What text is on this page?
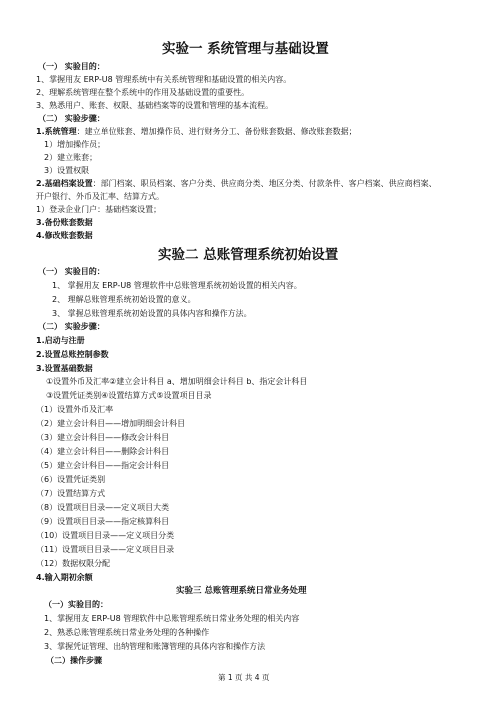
实验一 系统管理与基础设置
（一） 实验目的：
1、掌握用友 ERP-U8 管理系统中有关系统管理和基础设置的相关内容。
2、理解系统管理在整个系统中的作用及基础设置的重要性。
3、熟悉用户、账套、权限、基础档案等的设置和管理的基本流程。
（二） 实验步骤：
1.系统管理：建立单位账套、增加操作员、进行财务分工、备份账套数据、修改账套数据；
1）增加操作员；
2）建立账套；
3）设置权限
2.基础档案设置：部门档案、职员档案、客户分类、供应商分类、地区分类、付款条件、客户档案、供应商档案、
开户银行、外币及汇率、结算方式。
1）登录企业门户：基础档案设置；
3.备份账套数据
4.修改账套数据
实验二 总账管理系统初始设置
（一） 实验目的：
1、 掌握用友 ERP-U8 管理软件中总账管理系统初始设置的相关内容。
2、 理解总账管理系统初始设置的意义。
3、 掌握总账管理系统初始设置的具体内容和操作方法。
（二） 实验步骤：
1.启动与注册
2.设置总账控制参数
3.设置基础数据
①设置外币及汇率②建立会计科目 a、增加明细会计科目 b、指定会计科目
③设置凭证类别④设置结算方式⑤设置项目目录
（1）设置外币及汇率
（2）建立会计科目——增加明细会计科目
（3）建立会计科目——修改会计科目
（4）建立会计科目——删除会计科目
（5）建立会计科目——指定会计科目
（6）设置凭证类别
（7）设置结算方式
（8）设置项目目录——定义项目大类
（9）设置项目目录——指定核算科目
（10）设置项目目录——定义项目分类
（11）设置项目目录——定义项目目录
（12）数据权限分配
4.输入期初余额
实验三 总账管理系统日常业务处理
（一）实验目的：
1、掌握用友 ERP-U8 管理软件中总账管理系统日常业务处理的相关内容
2、熟悉总账管理系统日常业务处理的各种操作
3、掌握凭证管理、出纳管理和账簿管理的具体内容和操作方法
（二）操作步骤
第 1 页 共 4 页
